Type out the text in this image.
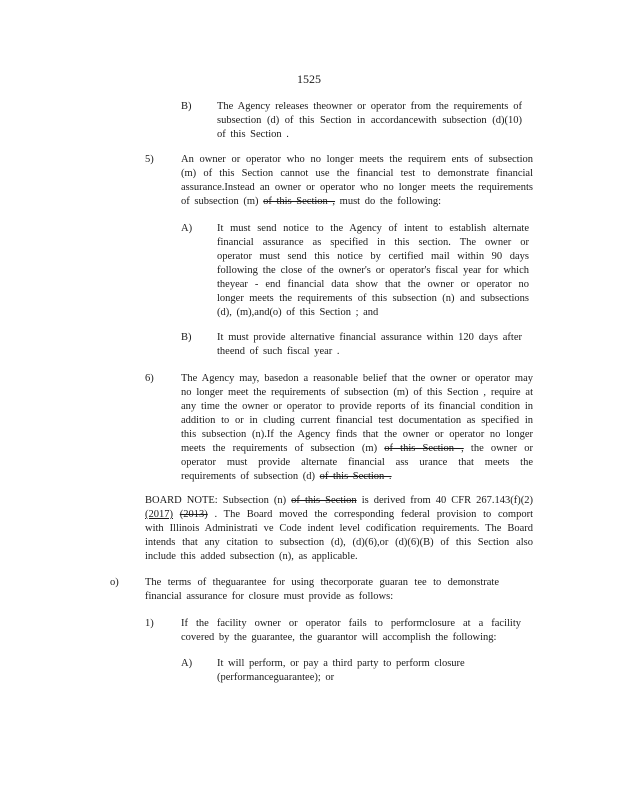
1525
B) The Agency releases theowner or operator from the requirements of subsection (d) of this Section in accordancewith subsection (d)(10) of this Section .
5)	An owner or operator who no longer meets the requirem ents of subsection (m) of this Section cannot use the financial test to demonstrate financial assurance.Instead an owner or operator who no longer meets the requirements of subsection (m) of this Section , must do the following:
A) It must send notice to the Agency of intent to establish alternate financial assurance as specified in this section. The owner or operator must send this notice by certified mail within 90 days following the close of the owner's or operator's fiscal year for which theyear - end financial data show that the owner or operator no longer meets the requirements of this subsection (n) and subsections (d), (m),and(o) of this Section ; and
B) It must provide alternative financial assurance within 120 days after theend of such fiscal year .
6)	The Agency may, basedon a reasonable belief that the owner or operator may no longer meet the requirements of subsection (m) of this Section , require at any time the owner or operator to provide reports of its financial condition in addition to or in cluding current financial test documentation as specified in this subsection (n).If the Agency finds that the owner or operator no longer meets the requirements of subsection (m) of this Section , the owner or operator must provide alternate financial ass urance that meets the requirements of subsection (d) of this Section .
BOARD NOTE: Subsection (n) of this Section is derived from 40 CFR 267.143(f)(2) (2017) (2013) . The Board moved the corresponding federal provision to comport with Illinois Administrati ve Code indent level codification requirements. The Board intends that any citation to subsection (d), (d)(6),or (d)(6)(B) of this Section also include this added subsection (n), as applicable.
o)	The terms of theguarantee for using thecorporate guaran tee to demonstrate financial assurance for closure must provide as follows:
1)	If the facility owner or operator fails to performclosure at a facility covered by the guarantee, the guarantor will accomplish the following:
A) It will perform, or pay a third party to perform closure (performanceguarantee); or
